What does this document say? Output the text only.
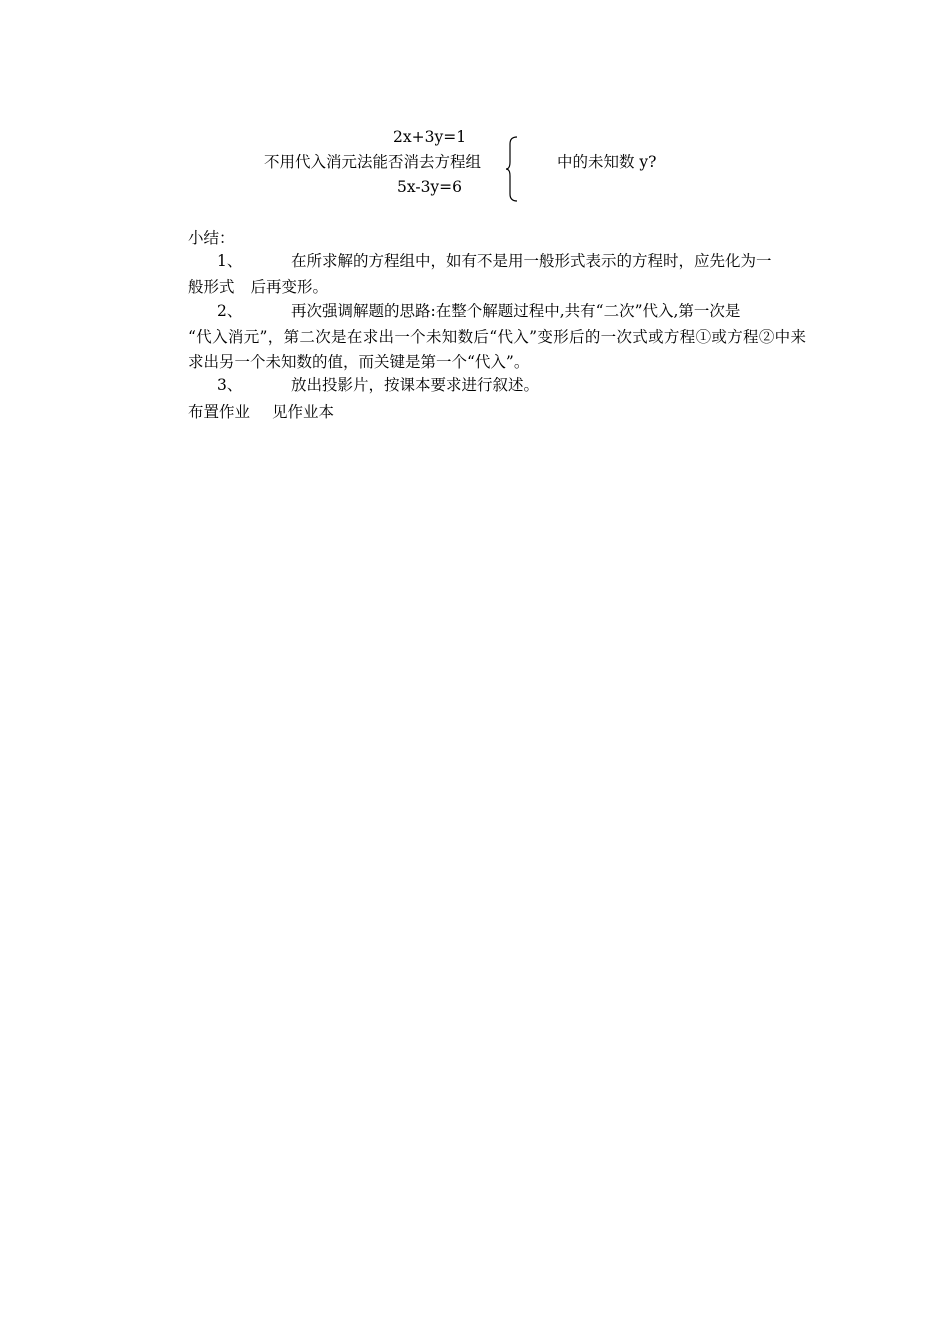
2x+3y=1
不用代入消元法能否消去方程组
5x-3y=6
中的未知数 y?
小结：
1、	在所求解的方程组中，如有不是用一般形式表示的方程时，应先化为一
般形式 后再变形。
2、	再次强调解题的思路:在整个解题过程中,共有“二次”代入,第一次是
“代入消元”，第二次是在求出一个未知数后“代入”变形后的一次式或方程①或方程②中来求出另一个未知数的值，而关键是第一个“代入”。
3、	放出投影片，按课本要求进行叙述。
布置作业 见作业本
